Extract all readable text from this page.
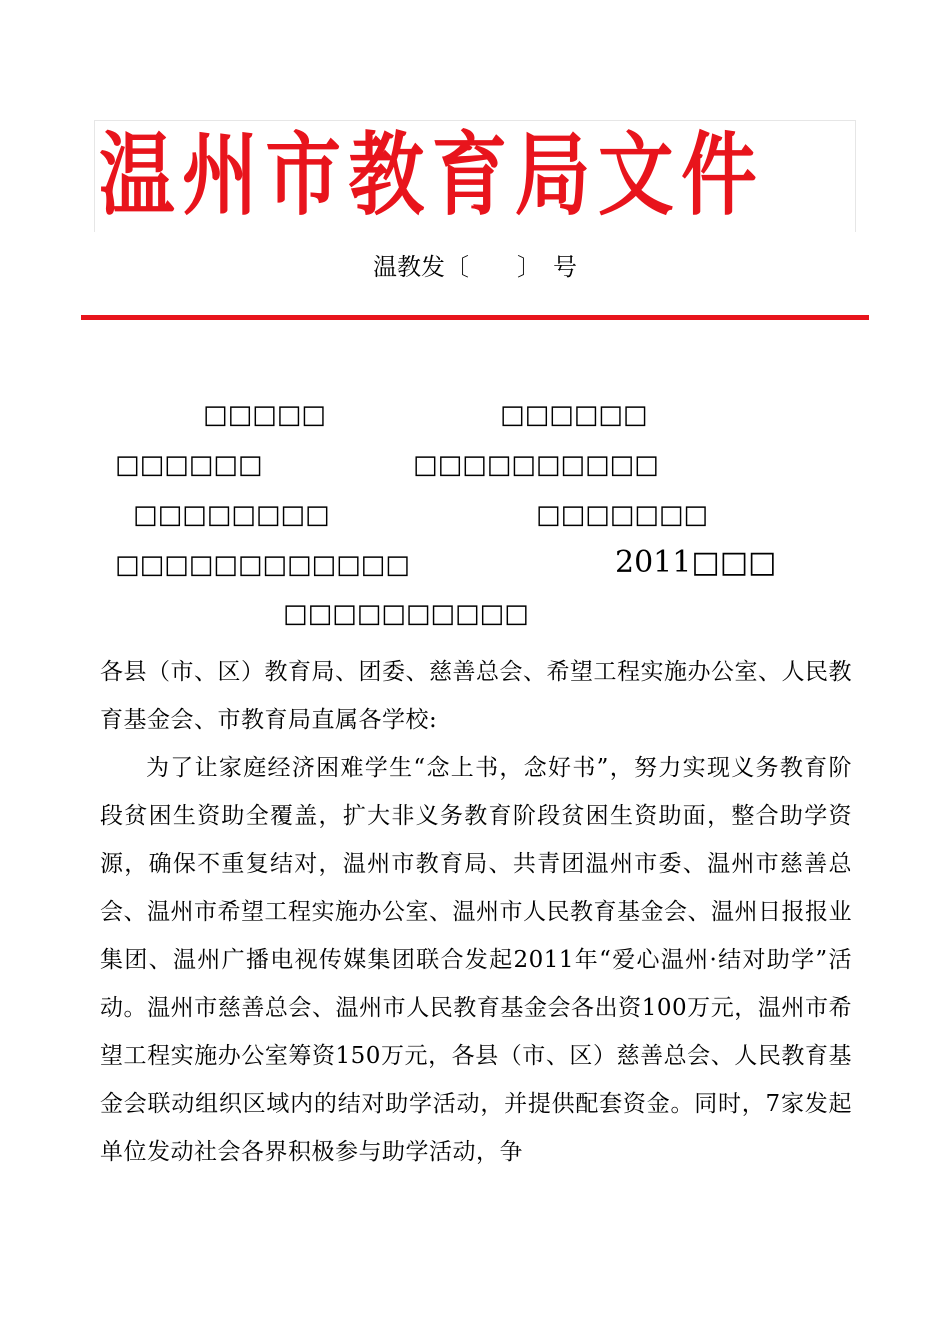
温州市教育局文件
温教发〔　　〕　号
□□□□□	□□□□□□
□□□□□□	□□□□□□□□□□
□□□□□□□□	□□□□□□□
□□□□□□□□□□□□	2011□□□
□□□□□□□□□□
各县（市、区）教育局、团委、慈善总会、希望工程实施办公室、人民教育基金会、市教育局直属各学校:
为了让家庭经济困难学生“念上书，念好书”，努力实现义务教育阶段贫困生资助全覆盖，扩大非义务教育阶段贫困生资助面，整合助学资源，确保不重复结对，温州市教育局、共青团温州市委、温州市慈善总会、温州市希望工程实施办公室、温州市人民教育基金会、温州日报报业集团、温州广播电视传媒集团联合发起2011年“爱心温州·结对助学”活动。温州市慈善总会、温州市人民教育基金会各出资100万元，温州市希望工程实施办公室筹资150万元，各县（市、区）慈善总会、人民教育基金会联动组织区域内的结对助学活动，并提供配套资金。同时，7家发起单位发动社会各界积极参与助学活动，争
